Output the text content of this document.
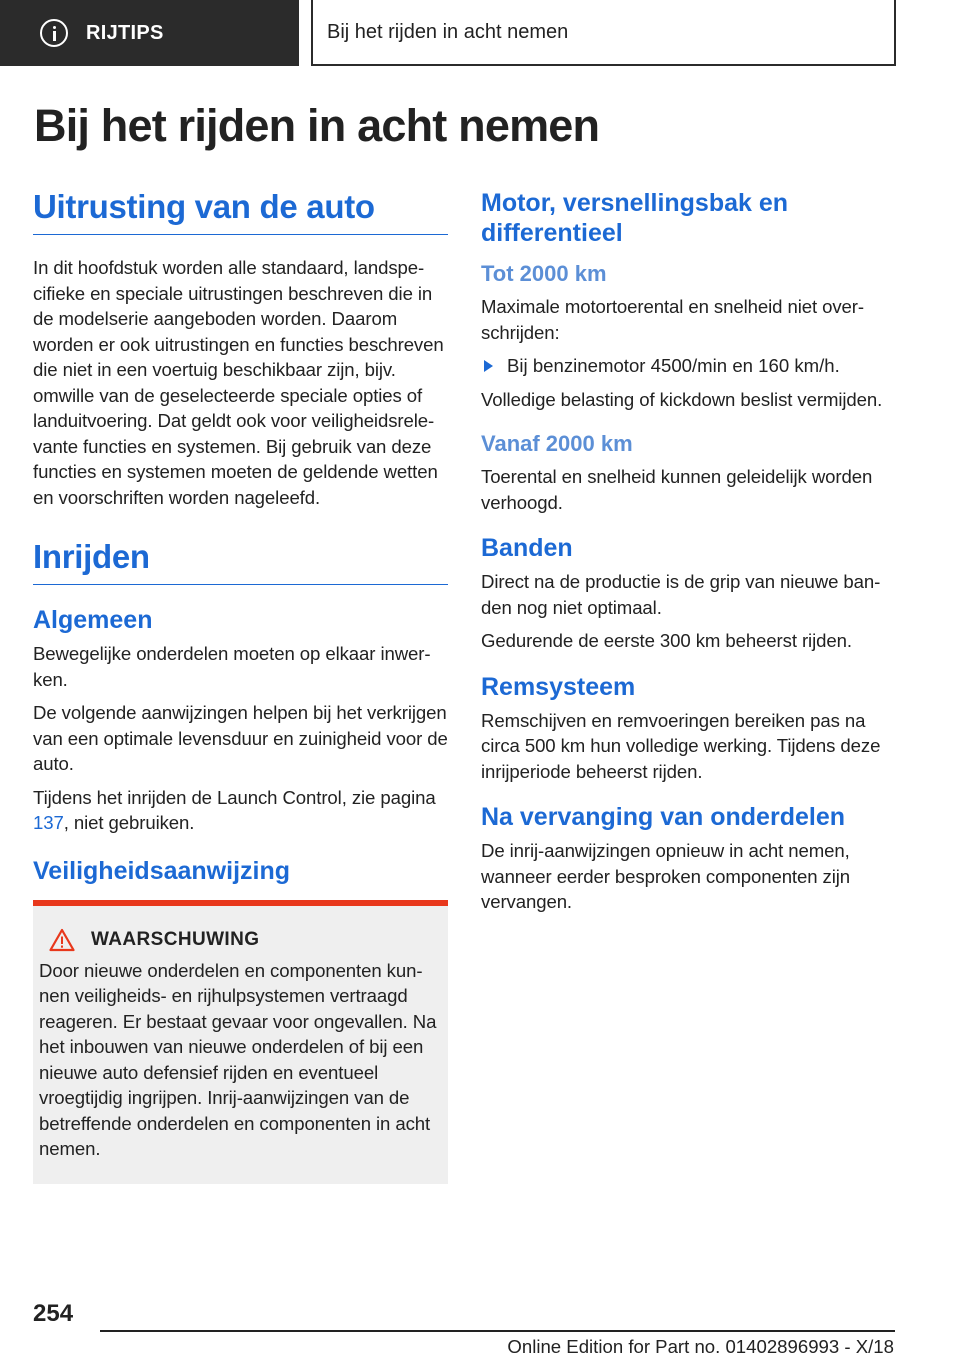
RIJTIPS	Bij het rijden in acht nemen
Bij het rijden in acht nemen
Uitrusting van de auto

In dit hoofdstuk worden alle standaard, landspecifieke en speciale uitrustingen beschreven die in de modelserie aangeboden worden. Daarom worden er ook uitrustingen en functies beschreven die niet in een voertuig beschikbaar zijn, bijv. omwille van de geselecteerde speciale opties of landuitvoering. Dat geldt ook voor veiligheidsrelevante functies en systemen. Bij gebruik van deze functies en systemen moeten de geldende wetten en voorschriften worden nageleefd.

Inrijden
Algemeen

Bewegelijke onderdelen moeten op elkaar inwerken.

De volgende aanwijzingen helpen bij het verkrijgen van een optimale levensduur en zuinigheid voor de auto.

Tijdens het inrijden de Launch Control, zie pagina 137, niet gebruiken.

Veiligheidsaanwijzing
WAARSCHUWING

Door nieuwe onderdelen en componenten kunnen veiligheids- en rijhulpsystemen vertraagd reageren. Er bestaat gevaar voor ongevallen. Na het inbouwen van nieuwe onderdelen of bij een nieuwe auto defensief rijden en eventueel vroegtijdig ingrijpen. Inrij-aanwijzingen van de betreffende onderdelen en componenten in acht nemen.

Motor, versnellingsbak en differentieel
Tot 2000 km

Maximale motortoerental en snelheid niet overschrijden:

Bij benzinemotor 4500/min en 160 km/h.

Volledige belasting of kickdown beslist vermijden.

Vanaf 2000 km

Toerental en snelheid kunnen geleidelijk worden verhoogd.

Banden

Direct na de productie is de grip van nieuwe banden nog niet optimaal.

Gedurende de eerste 300 km beheerst rijden.

Remsysteem

Remschijven en remvoeringen bereiken pas na circa 500 km hun volledige werking. Tijdens deze inrijperiode beheerst rijden.

Na vervanging van onderdelen

De inrij-aanwijzingen opnieuw in acht nemen, wanneer eerder besproken componenten zijn vervangen.

254
Online Edition for Part no. 01402896993 - X/18
